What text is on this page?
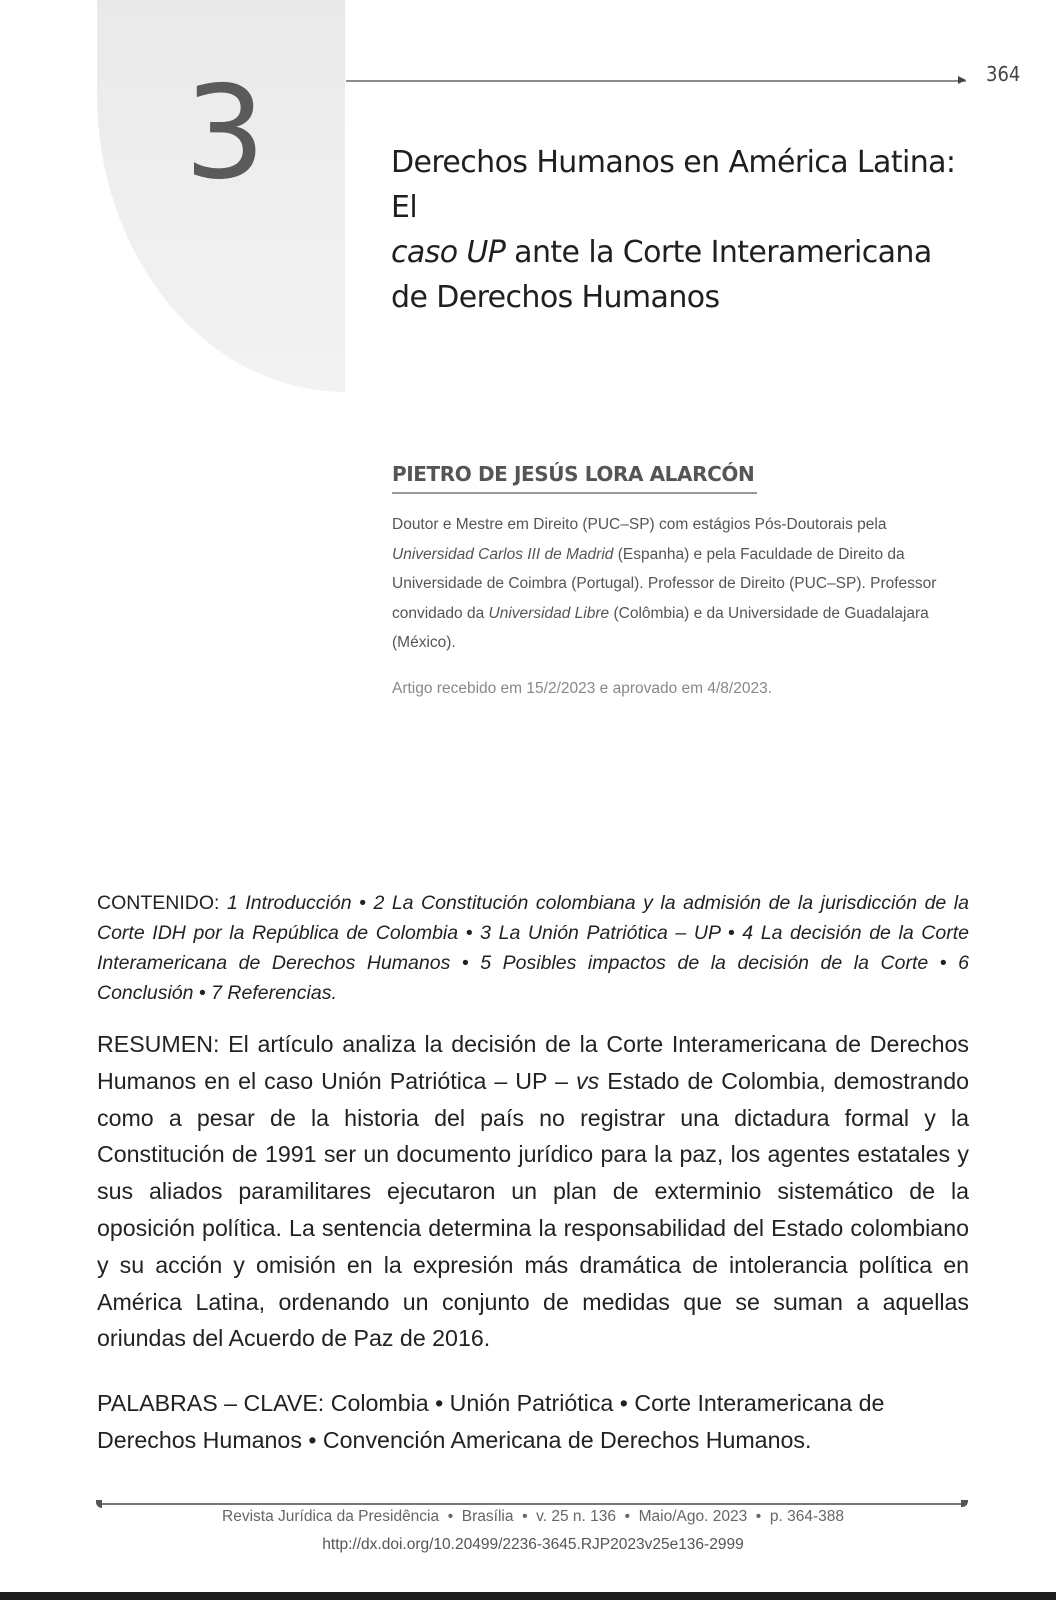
3	364
Derechos Humanos en América Latina: El
caso UP ante la Corte Interamericana de Derechos Humanos
PIETRO DE JESÚS LORA ALARCÓN

Doutor e Mestre em Direito (PUC–SP) com estágios Pós-Doutorais pela Universidad Carlos III de Madrid (Espanha) e pela Faculdade de Direito da Universidade de Coimbra (Portugal). Professor de Direito (PUC–SP). Professor convidado da Universidad Libre (Colômbia) e da Universidade de Guadalajara (México).

Artigo recebido em 15/2/2023 e aprovado em 4/8/2023.

CONTENIDO: 1 Introducción • 2 La Constitución colombiana y la admisión de la jurisdicción de la Corte IDH por la República de Colombia • 3 La Unión Patriótica – UP • 4 La decisión de la Corte Interamericana de Derechos Humanos • 5 Posibles impactos de la decisión de la Corte • 6 Conclusión • 7 Referencias.

RESUMEN: El artículo analiza la decisión de la Corte Interamericana de Derechos Humanos en el caso Unión Patriótica – UP – vs Estado de Colombia, demostrando como a pesar de la historia del país no registrar una dictadura formal y la Constitución de 1991 ser un documento jurídico para la paz, los agentes estatales y sus aliados paramilitares ejecutaron un plan de exterminio sistemático de la oposición política. La sentencia determina la responsabilidad del Estado colombiano y su acción y omisión en la expresión más dramática de intolerancia política en América Latina, ordenando un conjunto de medidas que se suman a aquellas oriundas del Acuerdo de Paz de 2016.

PALABRAS – CLAVE: Colombia • Unión Patriótica • Corte Interamericana de Derechos Humanos • Convención Americana de Derechos Humanos.

Revista Jurídica da Presidência  •  Brasília  •  v. 25 n. 136  •  Maio/Ago. 2023  •  p. 364-388

http://dx.doi.org/10.20499/2236-3645.RJP2023v25e136-2999
